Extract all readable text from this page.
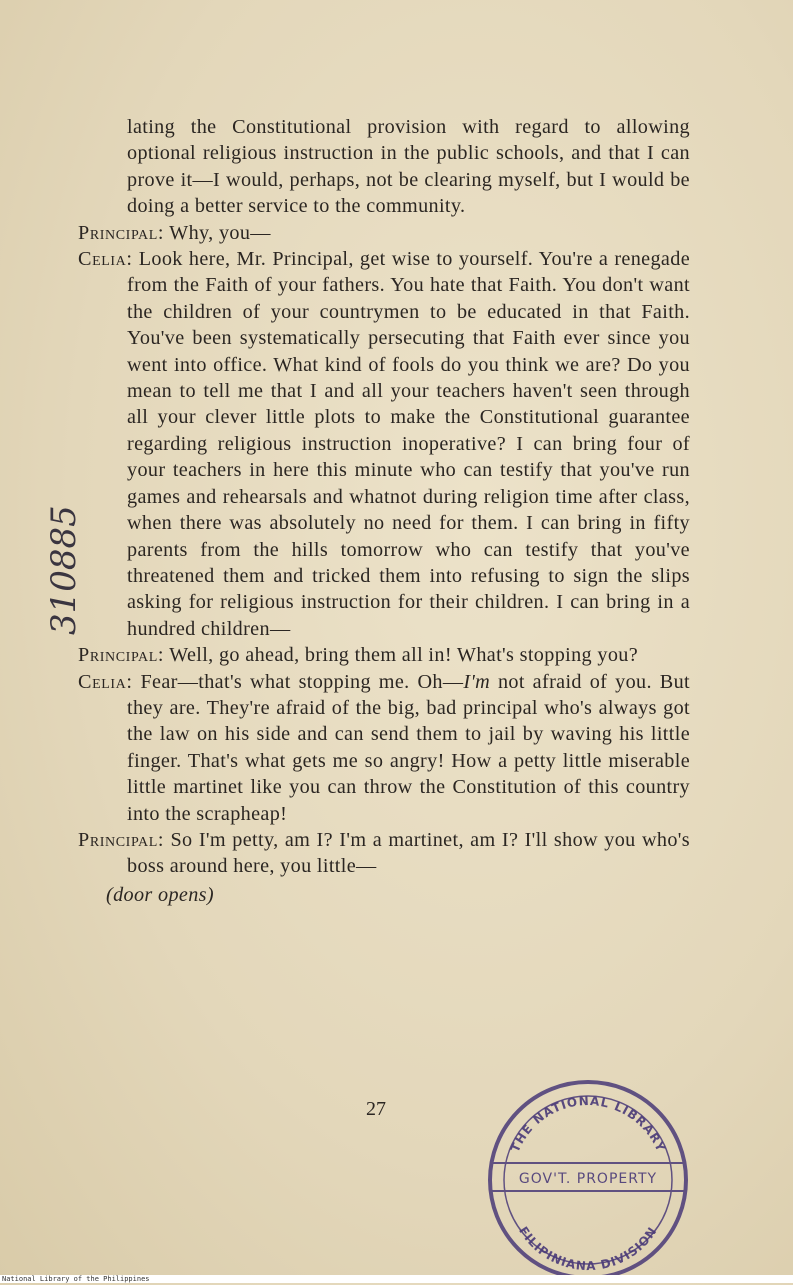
lating the Constitutional provision with regard to allowing optional religious instruction in the public schools, and that I can prove it—I would, perhaps, not be clearing myself, but I would be doing a better service to the community.

Principal: Why, you—

Celia: Look here, Mr. Principal, get wise to yourself. You're a renegade from the Faith of your fathers. You hate that Faith. You don't want the children of your countrymen to be educated in that Faith. You've been systematically persecuting that Faith ever since you went into office. What kind of fools do you think we are? Do you mean to tell me that I and all your teachers haven't seen through all your clever little plots to make the Constitutional guarantee regarding religious instruction inoperative? I can bring four of your teachers in here this minute who can testify that you've run games and rehearsals and whatnot during religion time after class, when there was absolutely no need for them. I can bring in fifty parents from the hills tomorrow who can testify that you've threatened them and tricked them into refusing to sign the slips asking for religious instruction for their children. I can bring in a hundred children—

Principal: Well, go ahead, bring them all in! What's stopping you?

Celia: Fear—that's what stopping me. Oh—I'm not afraid of you. But they are. They're afraid of the big, bad principal who's always got the law on his side and can send them to jail by waving his little finger. That's what gets me so angry! How a petty little miserable little martinet like you can throw the Constitution of this country into the scrapheap!

Principal: So I'm petty, am I? I'm a martinet, am I? I'll show you who's boss around here, you little—

(door opens)

27
310885
THE NATIONAL LIBRARY
GOV'T. PROPERTY
FILIPINIANA DIVISION
National Library of the Philippines
